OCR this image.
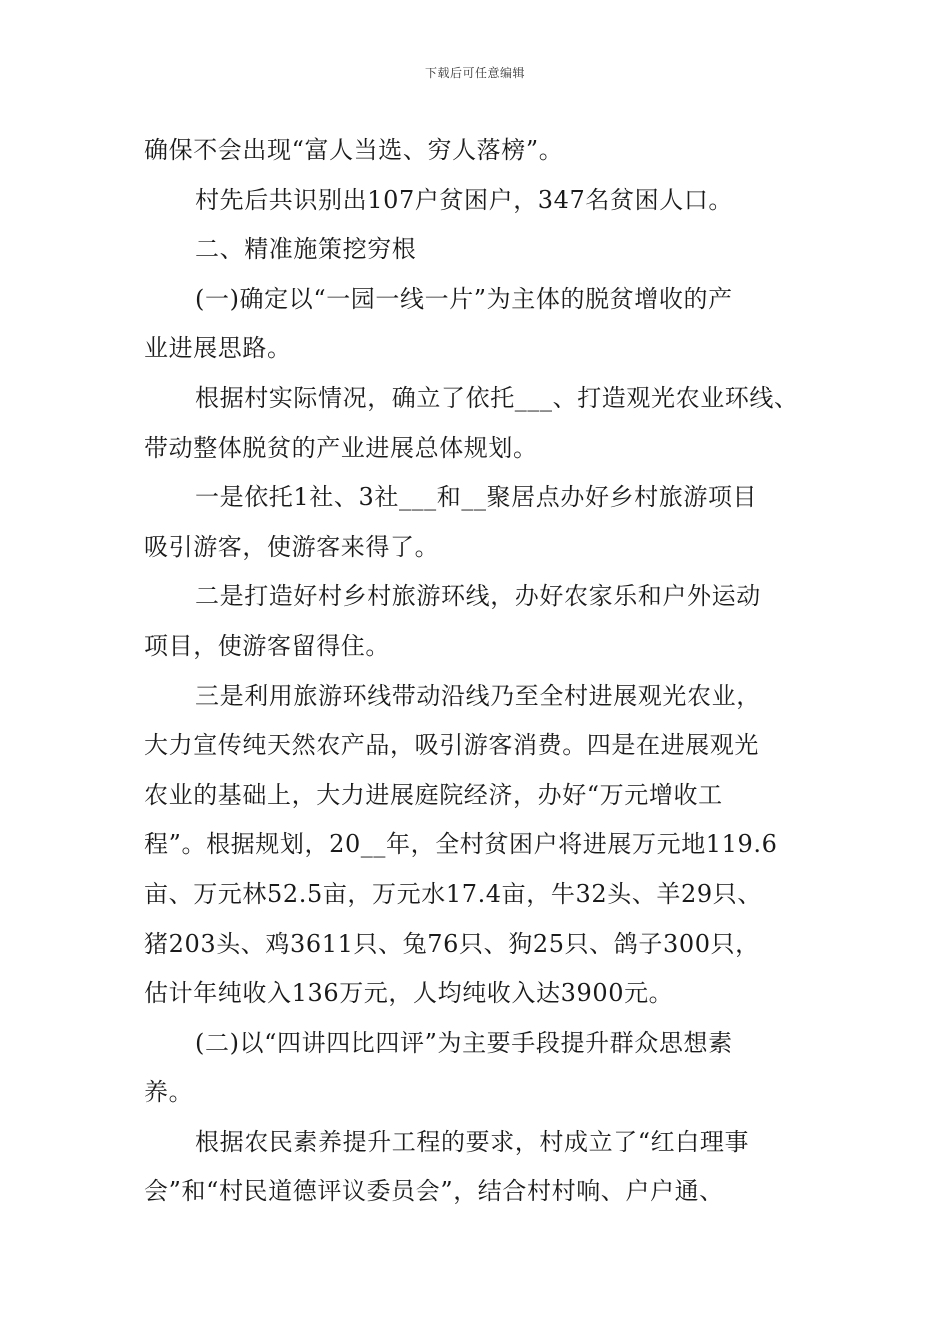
下载后可任意编辑
确保不会出现“富人当选、穷人落榜”。
村先后共识别出107户贫困户，347名贫困人口。
二、精准施策挖穷根
(一)确定以“一园一线一片”为主体的脱贫增收的产
业进展思路。
根据村实际情况，确立了依托___、打造观光农业环线、
带动整体脱贫的产业进展总体规划。
一是依托1社、3社___和__聚居点办好乡村旅游项目
吸引游客，使游客来得了。
二是打造好村乡村旅游环线，办好农家乐和户外运动
项目，使游客留得住。
三是利用旅游环线带动沿线乃至全村进展观光农业，
大力宣传纯天然农产品，吸引游客消费。四是在进展观光
农业的基础上，大力进展庭院经济，办好“万元增收工
程”。根据规划，20__年，全村贫困户将进展万元地119.6
亩、万元林52.5亩，万元水17.4亩，牛32头、羊29只、
猪203头、鸡3611只、兔76只、狗25只、鸽子300只，
估计年纯收入136万元，人均纯收入达3900元。
(二)以“四讲四比四评”为主要手段提升群众思想素
养。
根据农民素养提升工程的要求，村成立了“红白理事
会”和“村民道德评议委员会”，结合村村响、户户通、
